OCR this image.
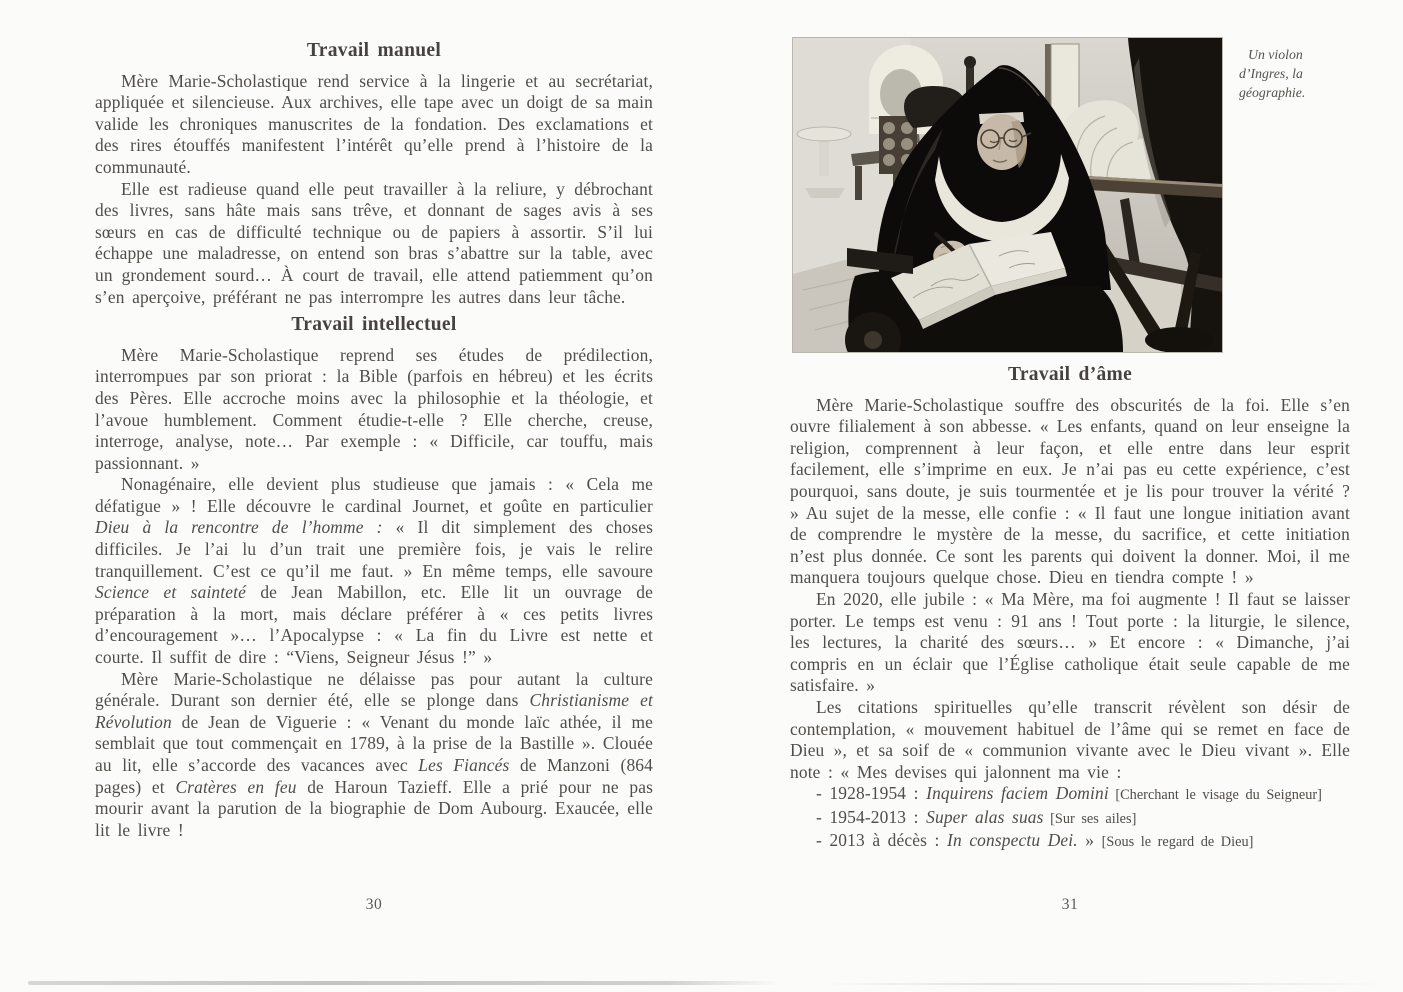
Travail manuel

Mère Marie-Scholastique rend service à la lingerie et au secrétariat, appliquée et silencieuse. Aux archives, elle tape avec un doigt de sa main valide les chroniques manuscrites de la fondation. Des exclamations et des rires étouffés manifestent l’intérêt qu’elle prend à l’histoire de la communauté.

Elle est radieuse quand elle peut travailler à la reliure, y débrochant des livres, sans hâte mais sans trêve, et donnant de sages avis à ses sœurs en cas de difficulté technique ou de papiers à assortir. S’il lui échappe une maladresse, on entend son bras s’abattre sur la table, avec un grondement sourd… À court de travail, elle attend patiemment qu’on s’en aperçoive, préférant ne pas interrompre les autres dans leur tâche.

Travail intellectuel

Mère Marie-Scholastique reprend ses études de prédilection, interrompues par son priorat : la Bible (parfois en hébreu) et les écrits des Pères. Elle accroche moins avec la philosophie et la théologie, et l’avoue humblement. Comment étudie-t-elle ? Elle cherche, creuse, interroge, analyse, note… Par exemple : « Difficile, car touffu, mais passionnant. »

Nonagénaire, elle devient plus studieuse que jamais : « Cela me défatigue » ! Elle découvre le cardinal Journet, et goûte en particulier Dieu à la rencontre de l’homme : « Il dit simplement des choses difficiles. Je l’ai lu d’un trait une première fois, je vais le relire tranquillement. C’est ce qu’il me faut. » En même temps, elle savoure Science et sainteté de Jean Mabillon, etc. Elle lit un ouvrage de préparation à la mort, mais déclare préférer à « ces petits livres d’encouragement »… l’Apocalypse : « La fin du Livre est nette et courte. Il suffit de dire : “Viens, Seigneur Jésus !” »

Mère Marie-Scholastique ne délaisse pas pour autant la culture générale. Durant son dernier été, elle se plonge dans Christianisme et Révolution de Jean de Viguerie : « Venant du monde laïc athée, il me semblait que tout commençait en 1789, à la prise de la Bastille ». Clouée au lit, elle s’accorde des vacances avec Les Fiancés de Manzoni (864 pages) et Cratères en feu de Haroun Tazieff. Elle a prié pour ne pas mourir avant la parution de la biographie de Dom Aubourg. Exaucée, elle lit le livre !

Un violon d’Ingres, la géographie.
Travail d’âme

Mère Marie-Scholastique souffre des obscurités de la foi. Elle s’en ouvre filialement à son abbesse. « Les enfants, quand on leur enseigne la religion, comprennent à leur façon, et elle entre dans leur esprit facilement, elle s’imprime en eux. Je n’ai pas eu cette expérience, c’est pourquoi, sans doute, je suis tourmentée et je lis pour trouver la vérité ? » Au sujet de la messe, elle confie : « Il faut une longue initiation avant de comprendre le mystère de la messe, du sacrifice, et cette initiation n’est plus donnée. Ce sont les parents qui doivent la donner. Moi, il me manquera toujours quelque chose. Dieu en tiendra compte ! »

En 2020, elle jubile : « Ma Mère, ma foi augmente ! Il faut se laisser porter. Le temps est venu : 91 ans ! Tout porte : la liturgie, le silence, les lectures, la charité des sœurs… » Et encore : « Dimanche, j’ai compris en un éclair que l’Église catholique était seule capable de me satisfaire. »

Les citations spirituelles qu’elle transcrit révèlent son désir de contemplation, « mouvement habituel de l’âme qui se remet en face de Dieu », et sa soif de « communion vivante avec le Dieu vivant ». Elle note : « Mes devises qui jalonnent ma vie :

- 1928-1954 : Inquirens faciem Domini [Cherchant le visage du Seigneur]

- 1954-2013 : Super alas suas [Sur ses ailes]

- 2013 à décès : In conspectu Dei. » [Sous le regard de Dieu]

30	31
